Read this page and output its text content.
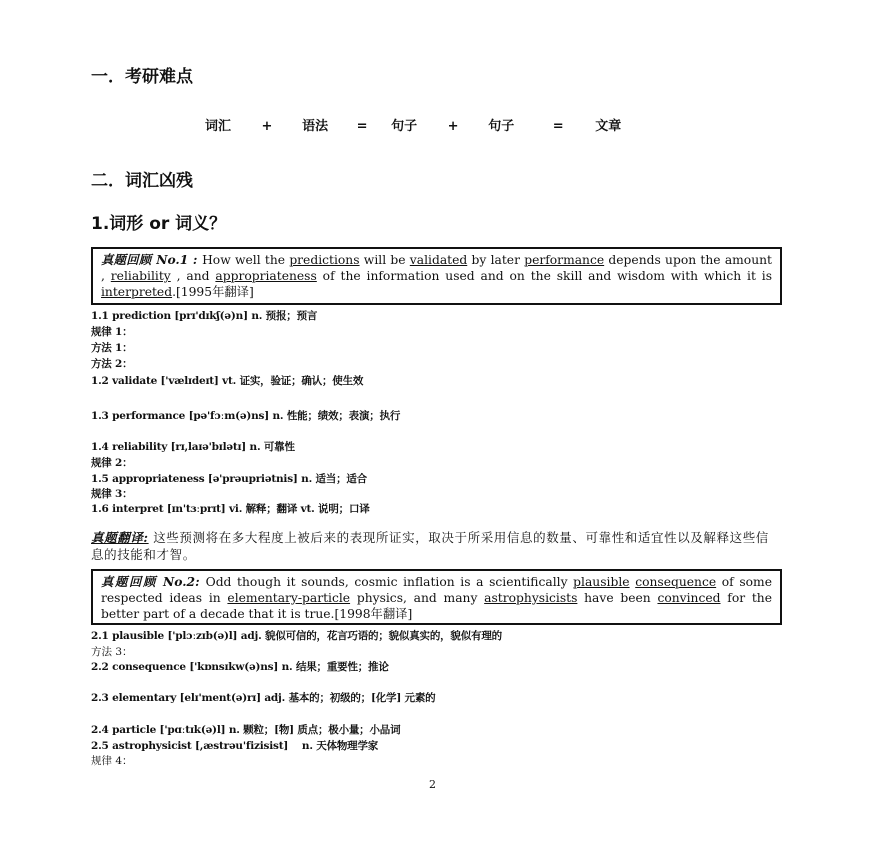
一．考研难点
词汇 + 语法 = 句子 + 句子	= 文章
二．词汇凶残
1.词形 or 词义？
真题回顾 No.1 : How well the predictions will be validated by later performance depends upon the amount , reliability , and appropriateness of the information used and on the skill and wisdom with which it is interpreted.[1995年翻译]
1.1 prediction [prɪ'dɪkʃ(ə)n] n. 预报；预言
规律 1：
方法 1：
方法 2：
1.2 validate ['vælɪdeɪt] vt. 证实，验证；确认；使生效
1.3 performance [pə'fɔːm(ə)ns] n. 性能；绩效；表演；执行
1.4 reliability [rɪ,laɪə'bɪlətɪ] n. 可靠性
规律 2：
1.5 appropriateness [ə'prəupriətnis] n. 适当；适合
规律 3：
1.6 interpret [ɪn'tɜːprɪt] vi. 解释；翻译 vt. 说明；口译
真题翻译: 这些预测将在多大程度上被后来的表现所证实，取决于所采用信息的数量、可靠性和适宜性以及解释这些信息的技能和才智。
真题回顾 No.2: Odd though it sounds, cosmic inflation is a scientifically plausible consequence of some respected ideas in elementary-particle physics, and many astrophysicists have been convinced for the better part of a decade that it is true.[1998年翻译]
2.1 plausible ['plɔːzɪb(ə)l] adj. 貌似可信的，花言巧语的；貌似真实的，貌似有理的
方法 3：
2.2 consequence ['kɒnsɪkw(ə)ns] n. 结果；重要性；推论
2.3 elementary [elɪ'ment(ə)rɪ] adj. 基本的；初级的；[化学] 元素的
2.4 particle ['pɑːtɪk(ə)l] n. 颗粒；[物] 质点；极小量；小品词
2.5 astrophysicist [,æstrəu'fizisist]　 n. 天体物理学家
规律 4：
2
